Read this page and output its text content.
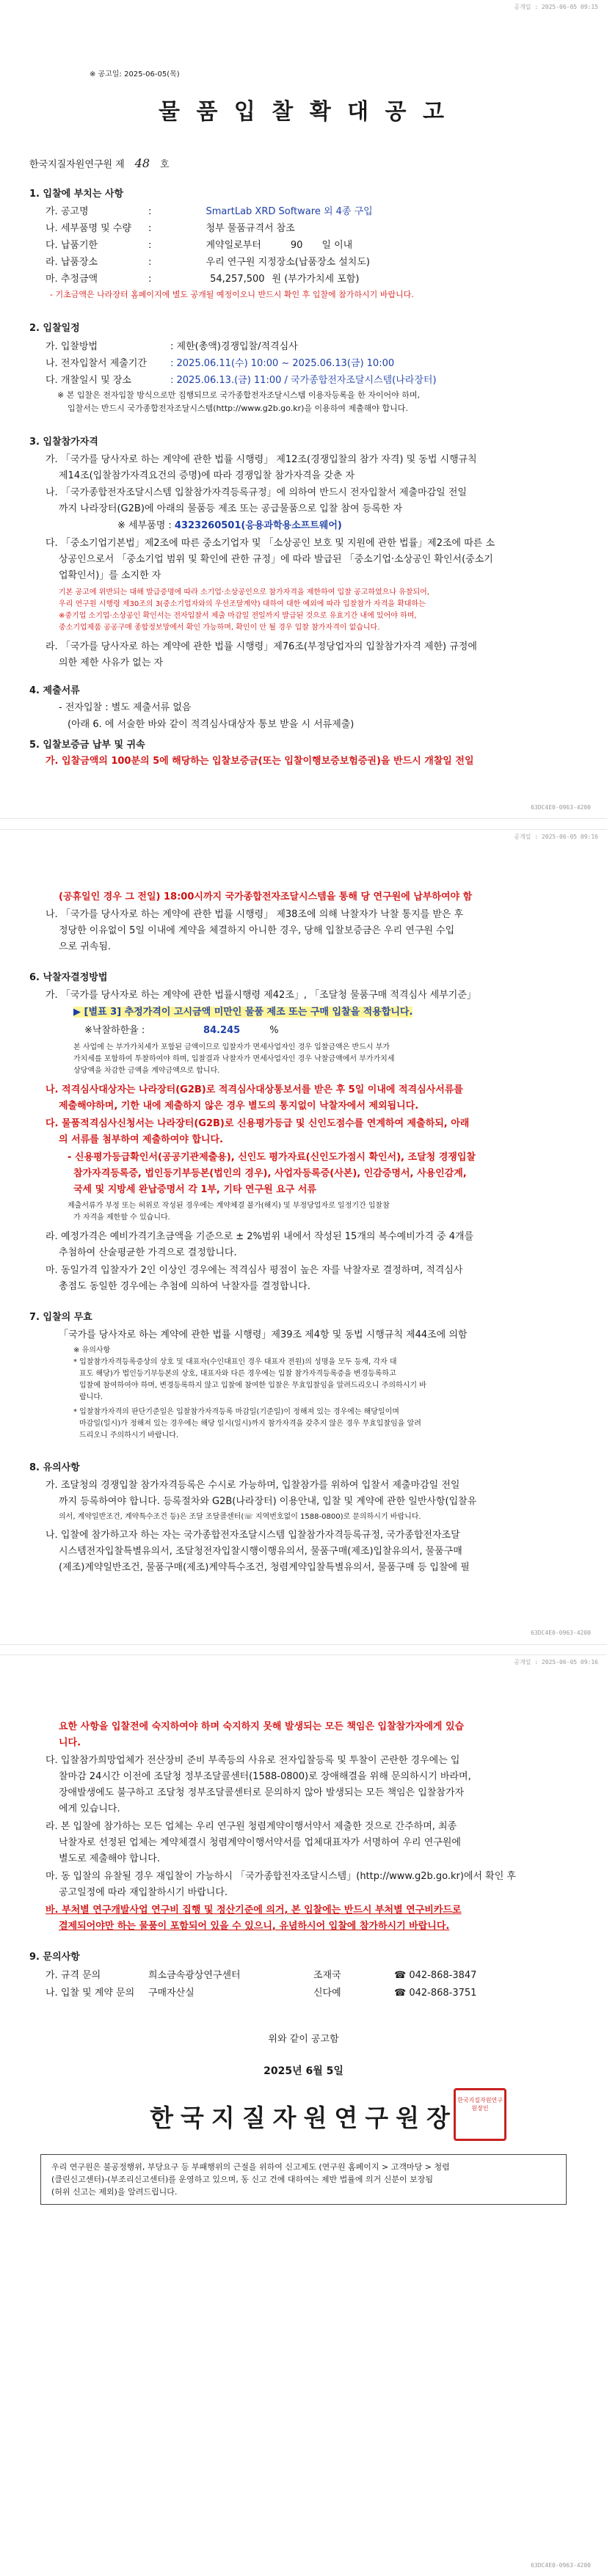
공개일 : 2025-06-05 09:15
※ 공고일: 2025-06-05(목)
물 품 입 찰 확 대 공 고
한국지질자원연구원 제 48 호
1. 입찰에 부치는 사항
가. 공고명	:	SmartLab XRD Software 외 4종 구입
나. 세부품명 및 수량 :	청부 물품규격서 참조
다. 납품기한	:	계약일로부터	90 일 이내
라. 납품장소	:	우리 연구원 지정장소(납품장소 설치도)
마. 추정금액	:	54,257,500 원 (부가가치세 포함)
- 기초금액은 나라장터 홈페이지에 별도 공개될 예정이오니 반드시 확인 후 입찰에 참가하시기 바랍니다.
2. 입찰일정
가. 입찰방법	: 제한(총액)경쟁입찰/적격심사
나. 전자입찰서 제출기간 : 2025.06.11(수) 10:00 ~ 2025.06.13(금) 10:00
다. 개찰일시 및 장소	: 2025.06.13.(금) 11:00 / 국가종합전자조달시스템(나라장터)
※ 본 입찰은 전자입찰 방식으로만 집행되므로 국가종합전자조달시스템 이용자등록을 한 자이어야 하며,
입찰서는 반드시 국가종합전자조달시스템(http://www.g2b.go.kr)을 이용하여 제출해야 합니다.
3. 입찰참가자격
가. 「국가를 당사자로 하는 계약에 관한 법률 시행령」 제12조(경쟁입찰의 참가 자격) 및 동법 시행규칙
제14조(입찰참가자격요건의 증명)에 따라 경쟁입찰 참가자격을 갖춘 자
나. 「국가종합전자조달시스템 입찰참가자격등록규정」에 의하여 반드시 전자입찰서 제출마감일 전일
까지 나라장터(G2B)에 아래의 물품등 제조 또는 공급물품으로 입찰 참여 등록한 자
※ 세부품명 : 4323260501(응용과학용소프트웨어)
다. 「중소기업기본법」제2조에 따른 중소기업자 및 「소상공인 보호 및 지원에 관한 법률」제2조에 따른 소
상공인으로서 「중소기업 범위 및 확인에 관한 규정」에 따라 발급된 「중소기업·소상공인 확인서(중소기
업확인서)」를 소지한 자
기본 공고에 위반되는 대해 발급증명에 따라 소기업·소상공인으로 참가자격을 제한하여 입찰 공고하였으나 유찰되어,
우리 연구원 시행령 제30조의 3(중소기업자와의 우선조달계약) 대하여 대한 예외에 따라 입찰참가 자격을 확대하는
※중기업 소기업·소상공인 확인서는 전자입찰서 제출 마감일 전일까지 발급된 것으로 유효기간 내에 있어야 하며,
중소기업제품 공공구매 종합정보망에서 확인 가능하며, 확인이 안 될 경우 입찰 참가자격이 없습니다.
라. 「국가를 당사자로 하는 계약에 관한 법률 시행령」제76조(부정당업자의 입찰참가자격 제한) 규정에
의한 제한 사유가 없는 자
4. 제출서류
- 전자입찰 : 별도 제출서류 없음
(아래 6. 에 서술한 바와 같이 적격심사대상자 통보 받을 시 서류제출)
5. 입찰보증금 납부 및 귀속
가. 입찰금액의 100분의 5에 해당하는 입찰보증금(또는 입찰이행보증보험증권)을 반드시 개찰일 전일
63DC4E0-0963-4200
공개일 : 2025-06-05 09:16
(공휴일인 경우 그 전일) 18:00시까지 국가종합전자조달시스템을 통해 당 연구원에 납부하여야 함
나. 「국가를 당사자로 하는 계약에 관한 법률 시행령」 제38조에 의해 낙찰자가 낙찰 통지를 받은 후
정당한 이유없이 5일 이내에 계약을 체결하지 아니한 경우, 당해 입찰보증금은 우리 연구원 수입
으로 귀속됨.
6. 낙찰자결정방법
가. 「국가를 당사자로 하는 계약에 관한 법률시행령 제42조」, 「조달청 물품구매 적격심사 세부기준」
▶ [별표 3] 추정가격이 고시금액 미만인 물품 제조 또는 구매 입찰을 적용합니다.
※낙찰하한율 :	84.245	%
본 사업에 는 부가가치세가 포함된 금액이므로 입찰자가 면세사업자인 경우 입찰금액은 반드시 부가
가치세를 포함하여 투찰하여야 하며, 입찰결과 낙찰자가 면세사업자인 경우 낙찰금액에서 부가가치세
상당액을 차감한 금액을 계약금액으로 합니다.
나. 적격심사대상자는 나라장터(G2B)로 적격심사대상통보서를 받은 후 5일 이내에 적격심사서류를
제출해야하며, 기한 내에 제출하지 않은 경우 별도의 통지없이 낙찰자에서 제외됩니다.
다. 물품적격심사신청서는 나라장터(G2B)로 신용평가등급 및 신인도점수를 연계하여 제출하되, 아래
의 서류를 첨부하여 제출하여야 합니다.
- 신용평가등급확인서(공공기관제출용), 신인도 평가자료(신인도가점시 확인서), 조달청 경쟁입찰
참가자격등록증, 법인등기부등본(법인의 경우), 사업자등록증(사본), 인감증명서, 사용인감계,
국세 및 지방세 완납증명서 각 1부, 기타 연구원 요구 서류
제출서류가 부정 또는 허위로 작성된 경우에는 계약체결 불가(해지) 및 부정당업자로 일정기간 입찰참
가 자격을 제한할 수 있습니다.
라. 예정가격은 예비가격기초금액을 기준으로 ± 2%범위 내에서 작성된 15개의 복수예비가격 중 4개를
추첨하여 산술평균한 가격으로 결정합니다.
마. 동일가격 입찰자가 2인 이상인 경우에는 적격심사 평점이 높은 자를 낙찰자로 결정하며, 적격심사
총점도 동일한 경우에는 추첨에 의하여 낙찰자를 결정합니다.
7. 입찰의 무효
「국가를 당사자로 하는 계약에 관한 법률 시행령」제39조 제4항 및 동법 시행규칙 제44조에 의함
※ 유의사항
* 입찰참가자격등록증상의 상호 및 대표자(수인대표인 경우 대표자 전원)의 성명을 모두 등재, 각자 대
표도 해당)가 법인등기부등본의 상호, 대표자와 다른 경우에는 입찰 참가자격등록증을 변경등록하고
입찰에 참여하여야 하며, 변경등록하지 않고 입찰에 참여한 입찰은 무효입찰임을 알려드리오니 주의하시기 바
랍니다.
* 입찰참가자격의 판단기준일은 입찰참가자격등록 마감일(기준일)이 정해져 있는 경우에는 해당일이며
마감일(일시)가 정해져 있는 경우에는 해당 일시(일시)까지 참가자격을 갖추지 않은 경우 무효입찰임을 알려
드리오니 주의하시기 바랍니다.
8. 유의사항
가. 조달청의 경쟁입찰 참가자격등록은 수시로 가능하며, 입찰참가를 위하여 입찰서 제출마감일 전일
까지 등록하여야 합니다. 등록절차와 G2B(나라장터) 이용안내, 입찰 및 계약에 관한 일반사항(입찰유
의서, 계약일반조건, 계약특수조건 등)은 조달 조달콜센터(☏ 지역번호없이 1588-0800)로 문의하시기 바랍니다.
나. 입찰에 참가하고자 하는 자는 국가종합전자조달시스템 입찰참가자격등록규정, 국가종합전자조달
시스템전자입찰특별유의서, 조달청전자입찰시행이행유의서, 물품구매(제조)입찰유의서, 물품구매
(제조)계약일반조건, 물품구매(제조)계약특수조건, 청렴계약입찰특별유의서, 물품구매 등 입찰에 필
63DC4E0-0963-4200
공개일 : 2025-06-05 09:16
요한 사항을 입찰전에 숙지하여야 하며 숙지하지 못해 발생되는 모든 책임은 입찰참가자에게 있습
니다.
다. 입찰참가희망업체가 전산장비 준비 부족등의 사유로 전자입찰등록 및 투찰이 곤란한 경우에는 입
찰마감 24시간 이전에 조달청 정부조달콜센터(1588-0800)로 장애해결을 위해 문의하시기 바라며,
장애발생에도 불구하고 조달청 정부조달콜센터로 문의하지 않아 발생되는 모든 책임은 입찰참가자
에게 있습니다.
라. 본 입찰에 참가하는 모든 업체는 우리 연구원 청렴계약이행서약서 제출한 것으로 간주하며, 최종
낙찰자로 선정된 업체는 계약체결시 청렴계약이행서약서를 업체대표자가 서명하여 우리 연구원에
별도로 제출해야 합니다.
마. 동 입찰의 유찰될 경우 재입찰이 가능하시 「국가종합전자조달시스템」(http://www.g2b.go.kr)에서 확인 후
공고일정에 따라 재입찰하시기 바랍니다.
바. 부처별 연구개발사업 연구비 집행 및 정산기준에 의거, 본 입찰에는 반드시 부처별 연구비카드로
결제되어야만 하는 물품이 포함되어 있을 수 있으니, 유념하시어 입찰에 참가하시기 바랍니다.
9. 문의사항
가. 규격 문의	희소금속광상연구센터	조재국	☎ 042-868-3847
나. 입찰 및 계약 문의 구매자산실	신다예	☎ 042-868-3751
위와 같이 공고함
2025년 6월 5일
한국지질자원연구원장
한국지질자원연구원장인
우리 연구원은 불공정행위, 부당요구 등 부패행위의 근절을 위하여 신고제도 (연구원 홈페이지 > 고객마당 > 청렴
(클린신고센터)-(부조리신고센터)를 운영하고 있으며, 동 신고 건에 대하여는 제반 법률에 의거 신분이 보장됨
(허위 신고는 제외)을 알려드립니다.
63DC4E0-0963-4200
